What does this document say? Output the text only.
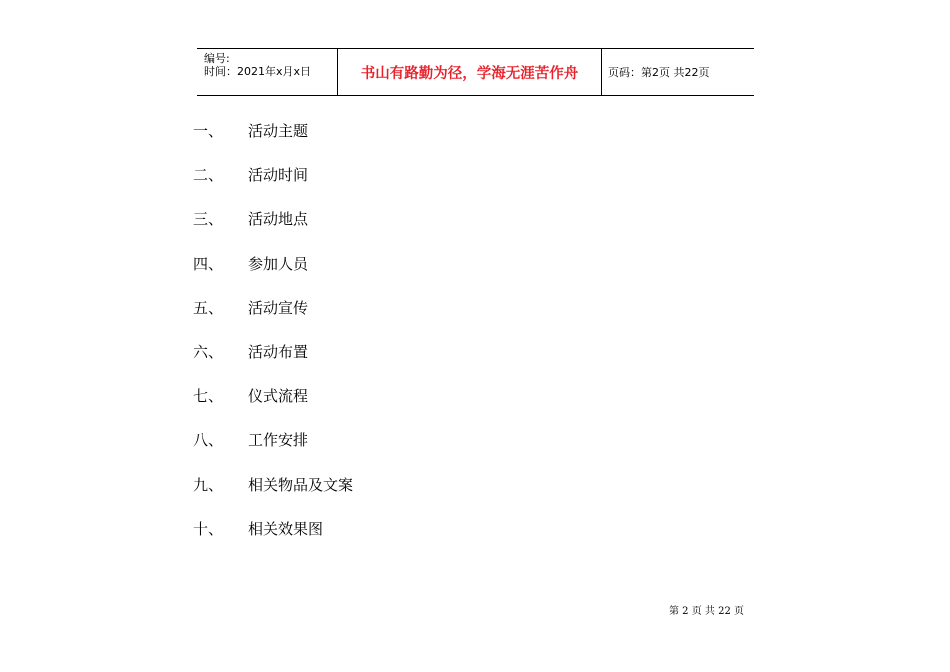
编号:
时间：2021年x月x日	书山有路勤为径，学海无涯苦作舟	页码：第2页 共22页
一、	活动主题
二、	活动时间
三、	活动地点
四、	参加人员
五、	活动宣传
六、	活动布置
七、	仪式流程
八、	工作安排
九、	相关物品及文案
十、	相关效果图
第 2 页 共 22 页
